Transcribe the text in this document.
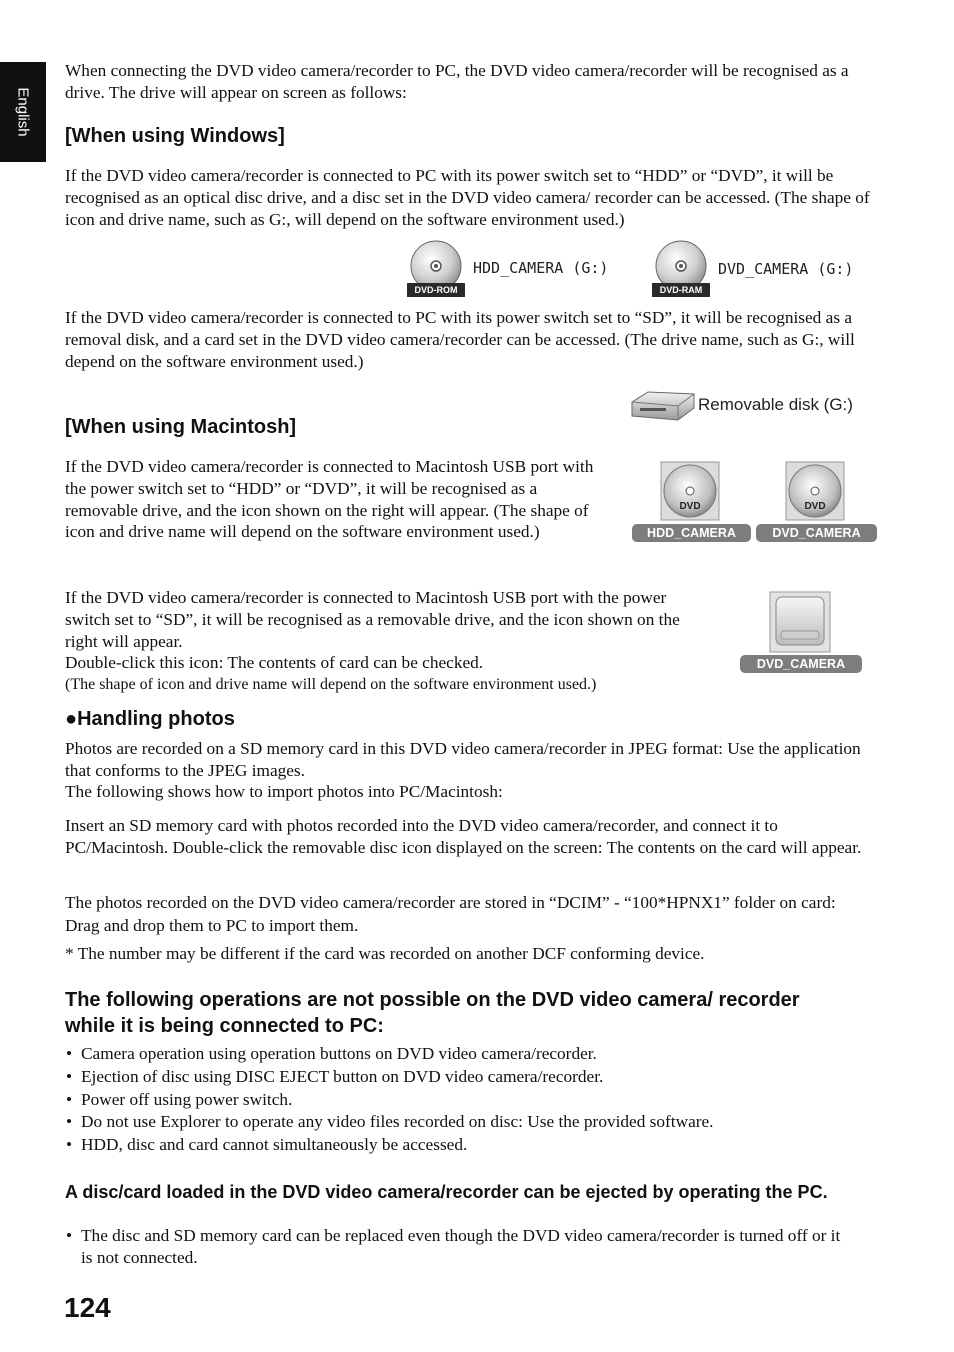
English

When connecting the DVD video camera/recorder to PC, the DVD video camera/recorder will be recognised as a drive. The drive will appear on screen as follows:

[When using Windows]

If the DVD video camera/recorder is connected to PC with its power switch set to “HDD” or “DVD”, it will be recognised as an optical disc drive, and a disc set in the DVD video camera/ recorder can be accessed. (The shape of icon and drive name, such as G:, will depend on the software environment used.)

DVD-ROM
HDD_CAMERA (G:)
DVD-RAM
DVD_CAMERA (G:)

If the DVD video camera/recorder is connected to PC with its power switch set to “SD”, it will be recognised as a removal disk, and a card set in the DVD video camera/recorder can be accessed. (The drive name, such as G:, will depend on the software environment used.)

Removable disk (G:)
[When using Macintosh]

If the DVD video camera/recorder is connected to Macintosh USB port with the power switch set to “HDD” or “DVD”, it will be recognised as a removable drive, and the icon shown on the right will appear. (The shape of icon and drive name will depend on the software environment used.)

DVD
HDD_CAMERA
DVD
DVD_CAMERA

If the DVD video camera/recorder is connected to Macintosh USB port with the power switch set to “SD”, it will be recognised as a removable drive, and the icon shown on the right will appear.

Double-click this icon: The contents of card can be checked.

(The shape of icon and drive name will depend on the software environment used.)

DVD_CAMERA
●Handling photos

Photos are recorded on a SD memory card in this DVD video camera/recorder in JPEG format: Use the application that conforms to the JPEG images.

The following shows how to import photos into PC/Macintosh:

Insert an SD memory card with photos recorded into the DVD video camera/recorder, and connect it to PC/Macintosh. Double-click the removable disc icon displayed on the screen: The contents on the card will appear.

The photos recorded on the DVD video camera/recorder are stored in “DCIM” - “100*HPNX1” folder on card: Drag and drop them to PC to import them.

* The number may be different if the card was recorded on another DCF conforming device.

The following operations are not possible on the DVD video camera/ recorder while it is being connected to PC:
• Camera operation using operation buttons on DVD video camera/recorder.
• Ejection of disc using DISC EJECT button on DVD video camera/recorder.
• Power off using power switch.
• Do not use Explorer to operate any video files recorded on disc: Use the provided software.
• HDD, disc and card cannot simultaneously be accessed.
A disc/card loaded in the DVD video camera/recorder can be ejected by operating the PC.
• The disc and SD memory card can be replaced even though the DVD video camera/recorder is turned off or it is not connected.
124
